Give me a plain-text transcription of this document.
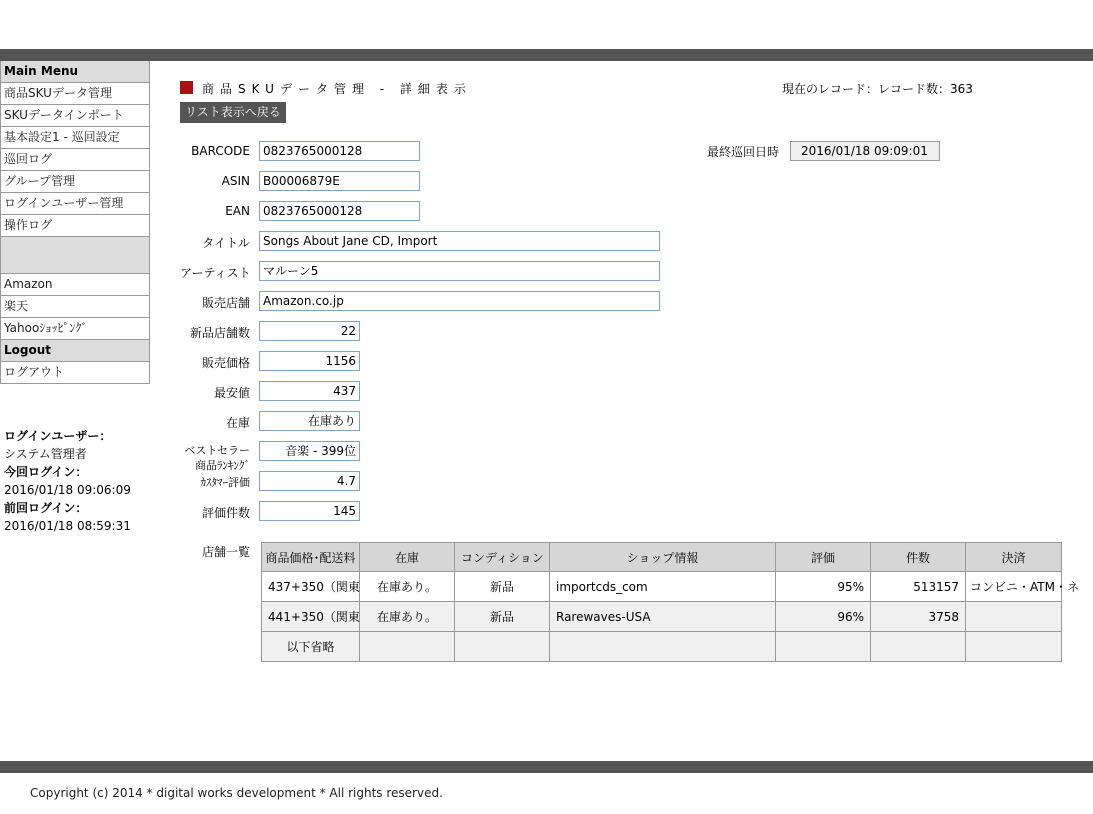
Main Menu
商品SKUデータ管理
SKUデータインポート
基本設定1 - 巡回設定
巡回ログ
グループ管理
ログインユーザー管理
操作ログ
Amazon
楽天
Yahooｼｮｯﾋﾟﾝｸﾞ
Logout
ログアウト
ログインユーザー：
システム管理者
今回ログイン：
2016/01/18 09:06:09
前回ログイン：
2016/01/18 08:59:31
商品SKUデータ管理 - 詳細表示	現在のレコード：レコード数：363
リスト表示へ戻る
最終巡回日時	2016/01/18 09:09:01
BARCODE	0823765000128
ASIN	B00006879E
EAN	0823765000128
タイトル	Songs About Jane CD, Import
アーティスト	マルーン5
販売店舗	Amazon.co.jp
新品店舗数	22
販売価格	1156
最安値	437
在庫	在庫あり
ベストセラー
商品ﾗﾝｷﾝｸﾞ
音楽 - 399位
ｶｽﾀﾏｰ評価	4.7
評価件数	145
店舗一覧 商品価格･配送料	在庫	コンディション	ショップ情報	評価	件数	決済
437+350（関東	在庫あり。	新品	importcds_com	95%	513157	コンビニ・ATM・ネ
441+350（関東	在庫あり。	新品	Rarewaves-USA	96%	3758	
以下省略						
Copyright (c) 2014 * digital works development * All rights reserved.
